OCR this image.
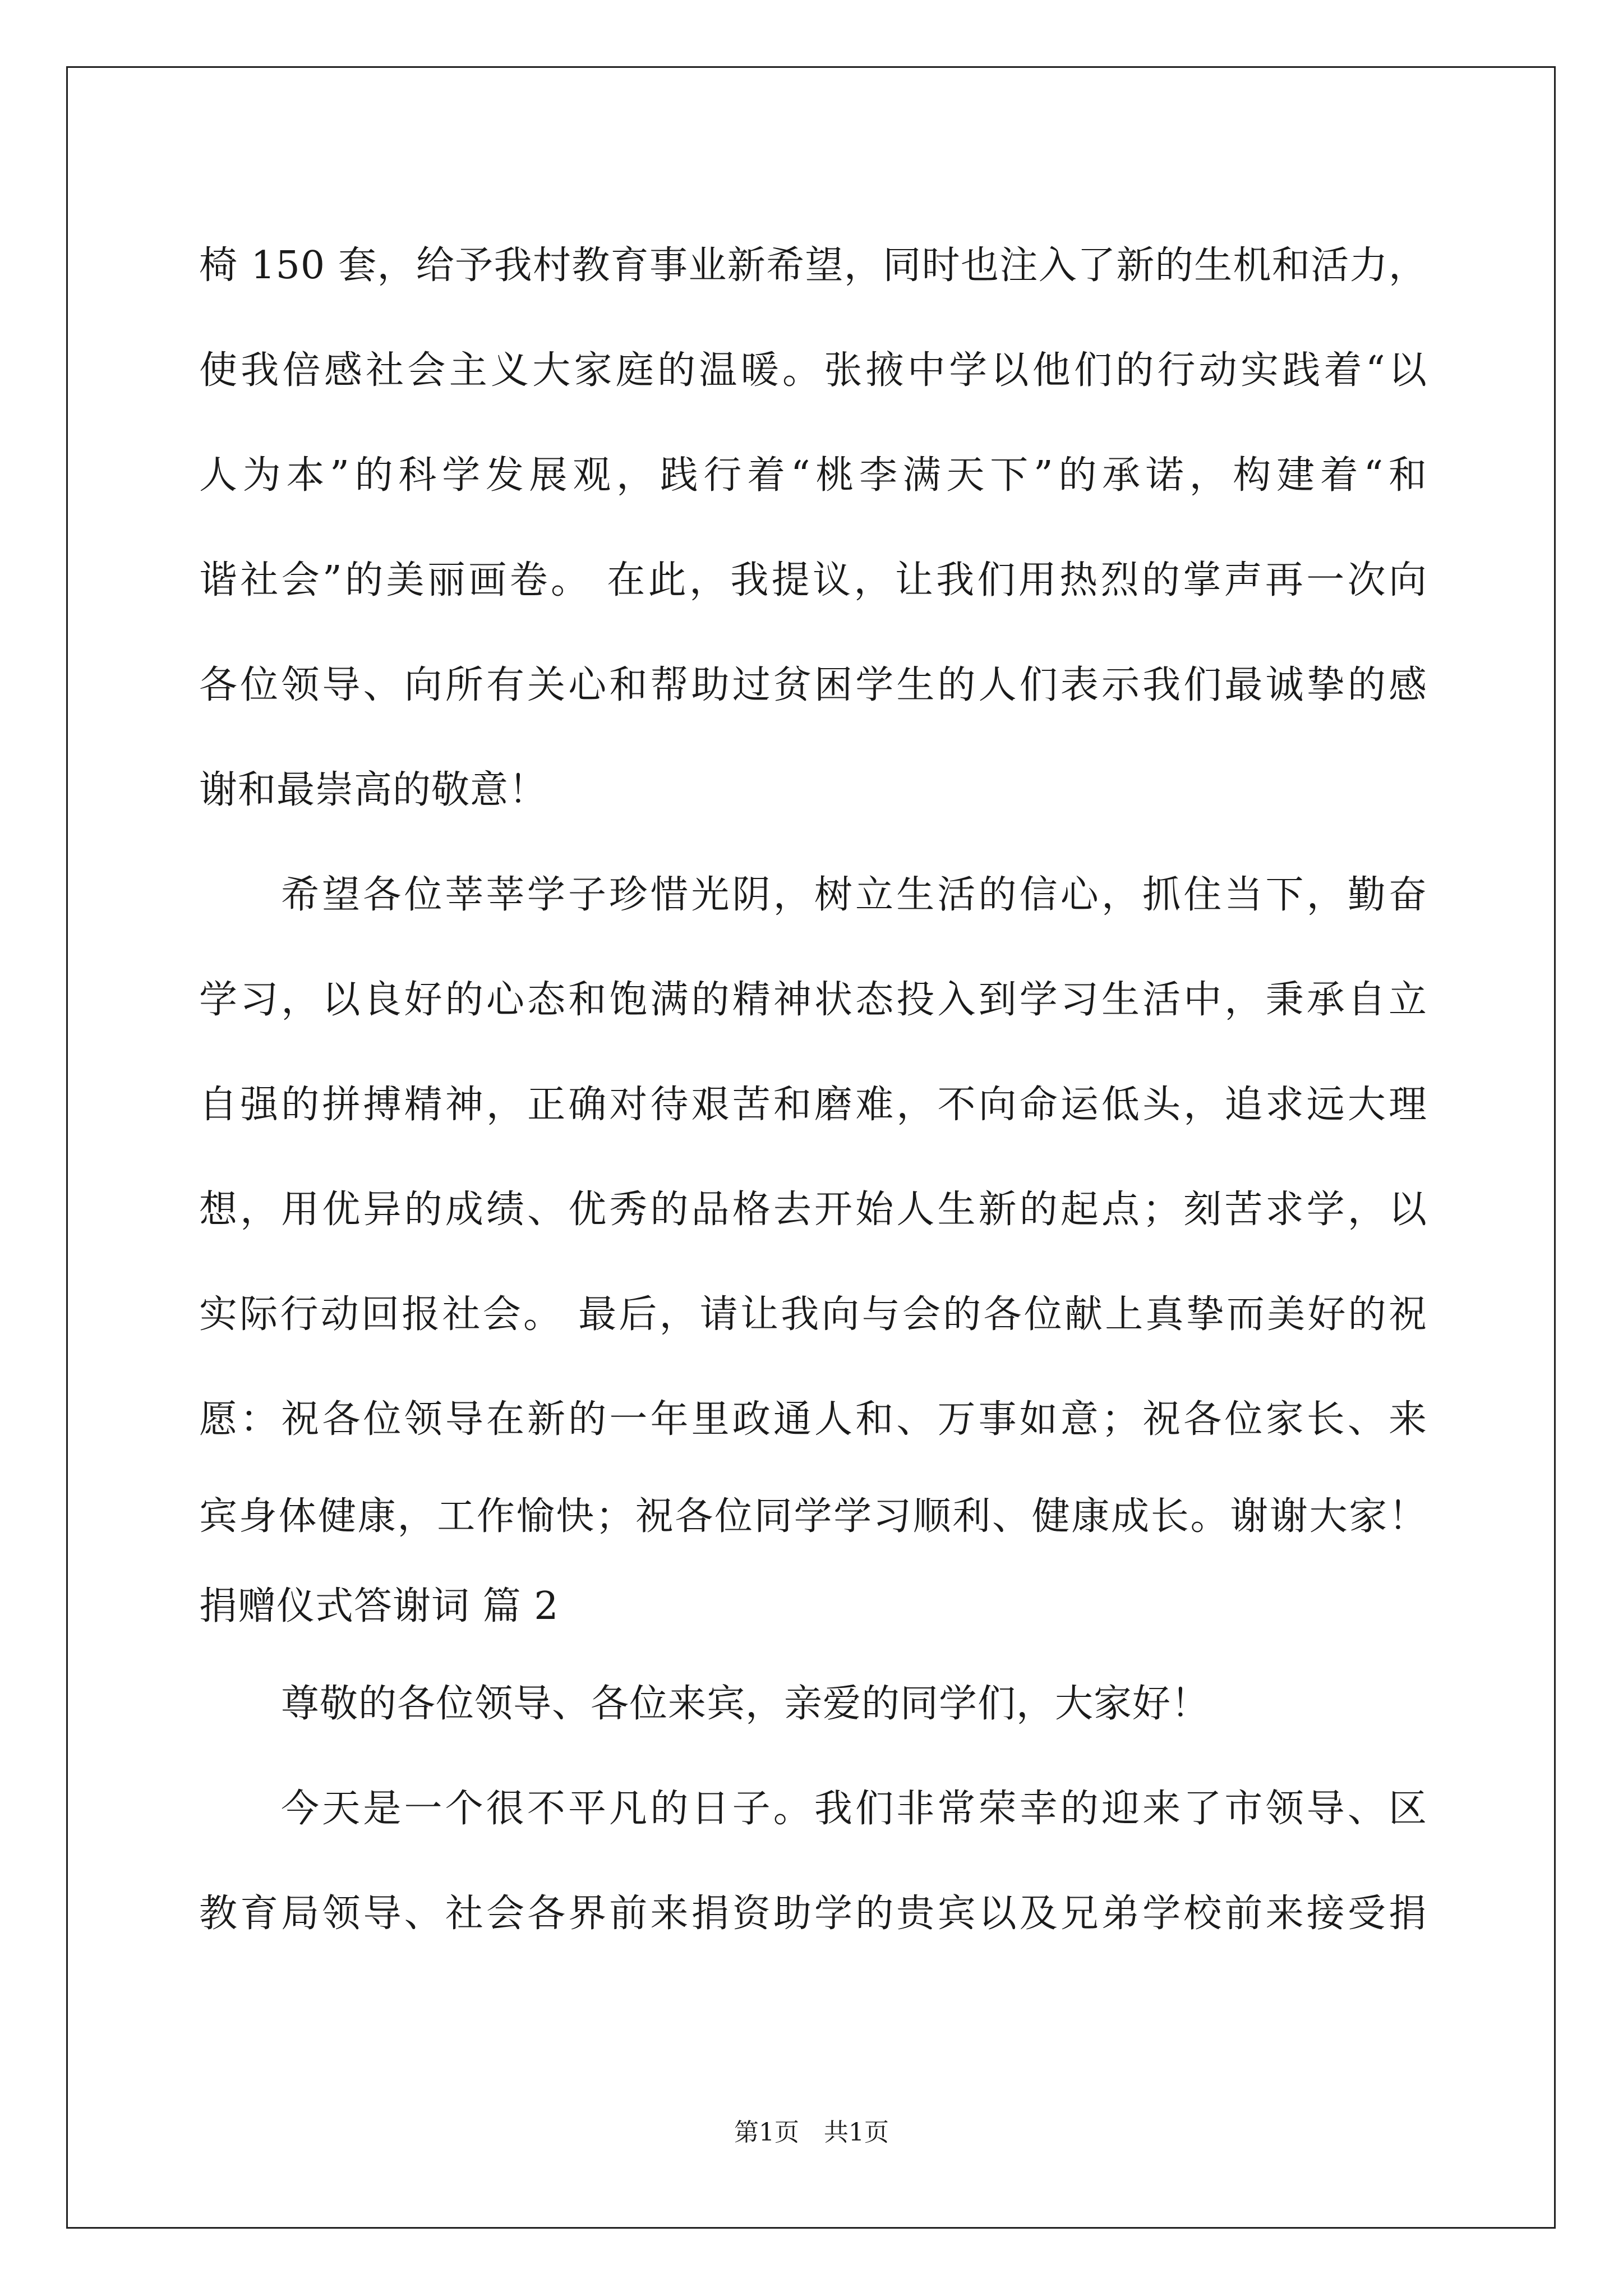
椅 150 套，给予我村教育事业新希望，同时也注入了新的生机和活力，
使我倍感社会主义大家庭的温暖。张掖中学以他们的行动实践着“以
人为本”的科学发展观，践行着“桃李满天下”的承诺，构建着“和
谐社会”的美丽画卷。 在此，我提议，让我们用热烈的掌声再一次向
各位领导、向所有关心和帮助过贫困学生的人们表示我们最诚挚的感
谢和最崇高的敬意！
希望各位莘莘学子珍惜光阴，树立生活的信心，抓住当下，勤奋
学习，以良好的心态和饱满的精神状态投入到学习生活中，秉承自立
自强的拼搏精神，正确对待艰苦和磨难，不向命运低头，追求远大理
想，用优异的成绩、优秀的品格去开始人生新的起点；刻苦求学，以
实际行动回报社会。 最后，请让我向与会的各位献上真挚而美好的祝
愿：祝各位领导在新的一年里政通人和、万事如意；祝各位家长、来
宾身体健康，工作愉快；祝各位同学学习顺利、健康成长。谢谢大家！
捐赠仪式答谢词 篇 2
尊敬的各位领导、各位来宾，亲爱的同学们，大家好！
今天是一个很不平凡的日子。我们非常荣幸的迎来了市领导、区
教育局领导、社会各界前来捐资助学的贵宾以及兄弟学校前来接受捐
第1页　共1页
